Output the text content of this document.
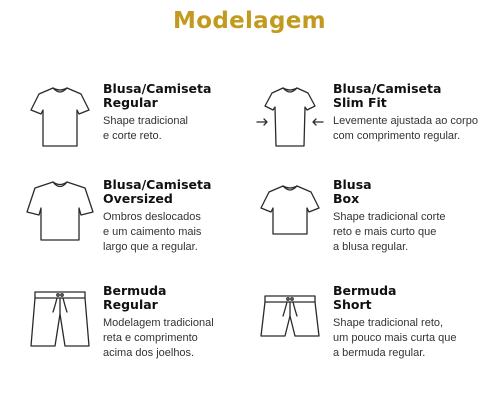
Modelagem
Blusa/Camiseta
Regular
Shape tradicional
e corte reto.
Blusa/Camiseta
Slim Fit
Levemente ajustada ao corpo
com comprimento regular.
Blusa/Camiseta
Oversized
Ombros deslocados
e um caimento mais
largo que a regular.
Blusa
Box
Shape tradicional corte
reto e mais curto que
a blusa regular.
Bermuda
Regular
Modelagem tradicional
reta e comprimento
acima dos joelhos.
Bermuda
Short
Shape tradicional reto,
um pouco mais curta que
a bermuda regular.
